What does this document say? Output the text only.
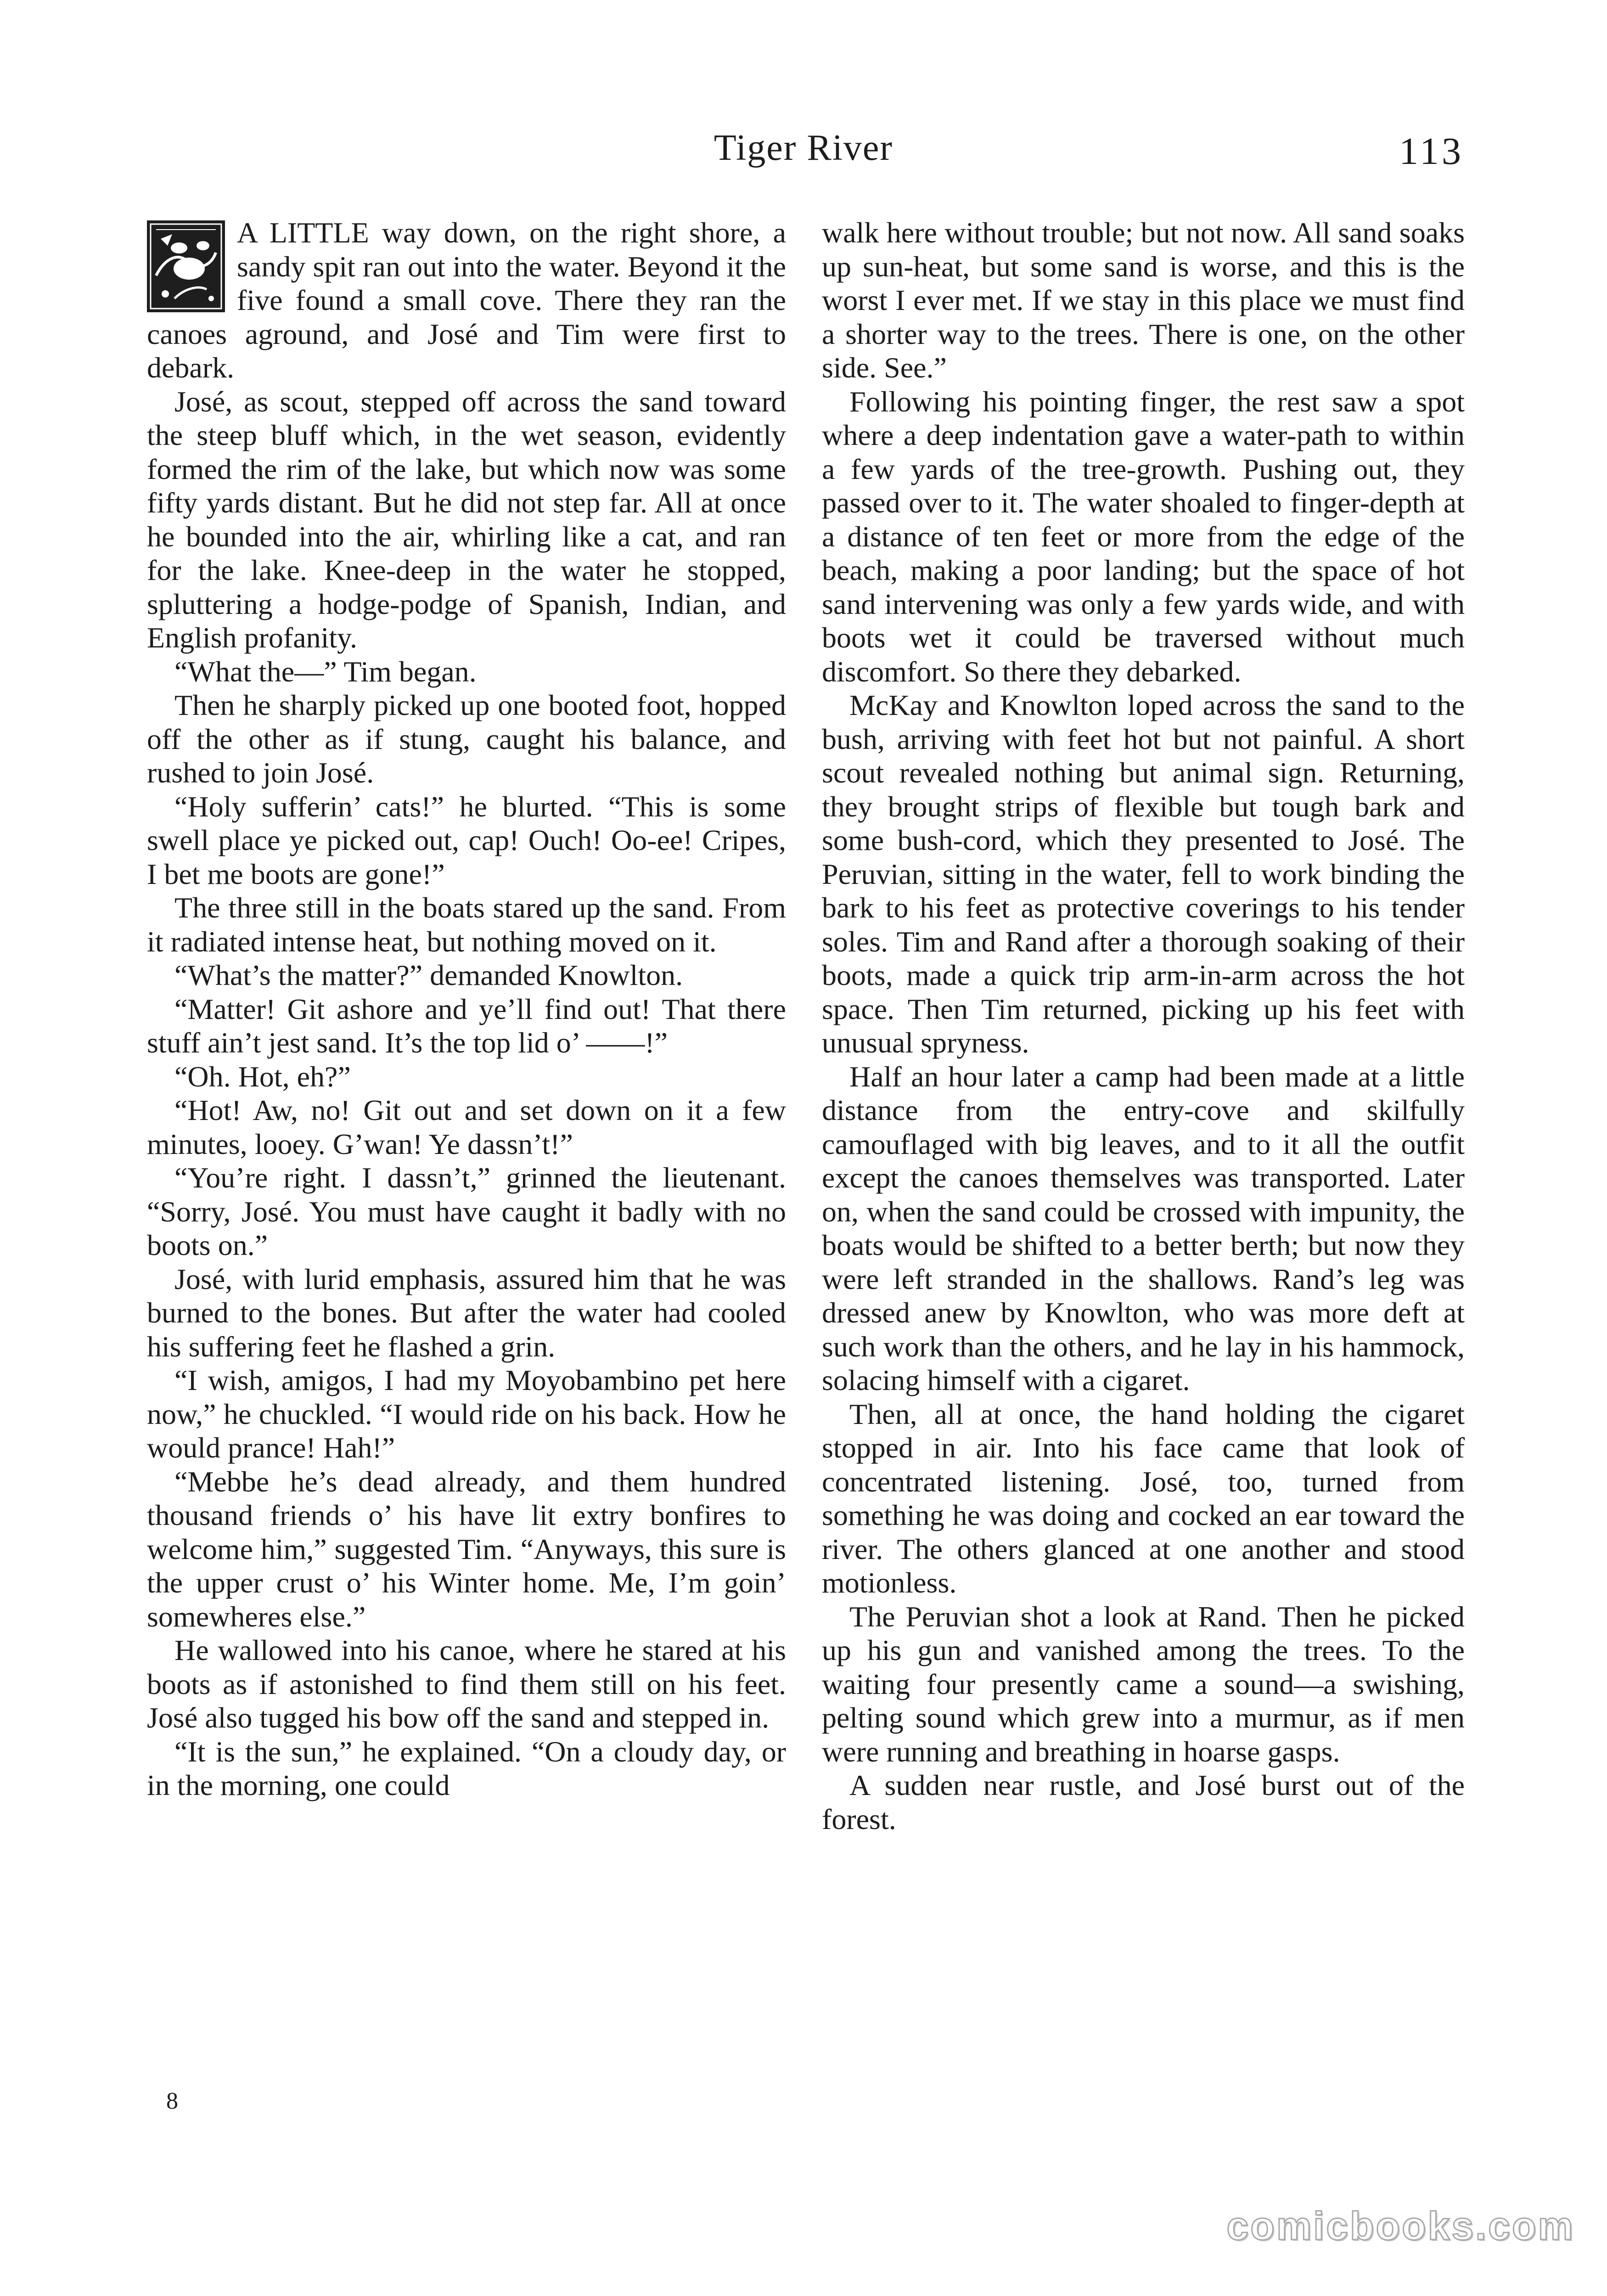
Tiger River	113

A LITTLE way down, on the right shore, a sandy spit ran out into the water. Beyond it the five found a small cove. There they ran the canoes aground, and José and Tim were first to debark.

José, as scout, stepped off across the sand toward the steep bluff which, in the wet season, evidently formed the rim of the lake, but which now was some fifty yards distant. But he did not step far. All at once he bounded into the air, whirling like a cat, and ran for the lake. Knee-deep in the water he stopped, spluttering a hodge-podge of Spanish, Indian, and English profanity.

“What the—” Tim began.

Then he sharply picked up one booted foot, hopped off the other as if stung, caught his balance, and rushed to join José.

“Holy sufferin’ cats!” he blurted. “This is some swell place ye picked out, cap! Ouch! Oo-ee! Cripes, I bet me boots are gone!”

The three still in the boats stared up the sand. From it radiated intense heat, but nothing moved on it.

“What’s the matter?” demanded Knowlton.

“Matter! Git ashore and ye’ll find out! That there stuff ain’t jest sand. It’s the top lid o’ ——!”

“Oh. Hot, eh?”

“Hot! Aw, no! Git out and set down on it a few minutes, looey. G’wan! Ye dassn’t!”

“You’re right. I dassn’t,” grinned the lieutenant. “Sorry, José. You must have caught it badly with no boots on.”

José, with lurid emphasis, assured him that he was burned to the bones. But after the water had cooled his suffering feet he flashed a grin.

“I wish, amigos, I had my Moyobambino pet here now,” he chuckled. “I would ride on his back. How he would prance! Hah!”

“Mebbe he’s dead already, and them hundred thousand friends o’ his have lit extry bonfires to welcome him,” suggested Tim. “Anyways, this sure is the upper crust o’ his Winter home. Me, I’m goin’ somewheres else.”

He wallowed into his canoe, where he stared at his boots as if astonished to find them still on his feet. José also tugged his bow off the sand and stepped in.

“It is the sun,” he explained. “On a cloudy day, or in the morning, one could

walk here without trouble; but not now. All sand soaks up sun-heat, but some sand is worse, and this is the worst I ever met. If we stay in this place we must find a shorter way to the trees. There is one, on the other side. See.”

Following his pointing finger, the rest saw a spot where a deep indentation gave a water-path to within a few yards of the tree-growth. Pushing out, they passed over to it. The water shoaled to finger-depth at a distance of ten feet or more from the edge of the beach, making a poor landing; but the space of hot sand intervening was only a few yards wide, and with boots wet it could be traversed without much discomfort. So there they debarked.

McKay and Knowlton loped across the sand to the bush, arriving with feet hot but not painful. A short scout revealed nothing but animal sign. Returning, they brought strips of flexible but tough bark and some bush-cord, which they presented to José. The Peruvian, sitting in the water, fell to work binding the bark to his feet as protective coverings to his tender soles. Tim and Rand after a thorough soaking of their boots, made a quick trip arm-in-arm across the hot space. Then Tim returned, picking up his feet with unusual spryness.

Half an hour later a camp had been made at a little distance from the entry-cove and skilfully camouflaged with big leaves, and to it all the outfit except the canoes themselves was transported. Later on, when the sand could be crossed with impunity, the boats would be shifted to a better berth; but now they were left stranded in the shallows. Rand’s leg was dressed anew by Knowlton, who was more deft at such work than the others, and he lay in his hammock, solacing himself with a cigaret.

Then, all at once, the hand holding the cigaret stopped in air. Into his face came that look of concentrated listening. José, too, turned from something he was doing and cocked an ear toward the river. The others glanced at one another and stood motionless.

The Peruvian shot a look at Rand. Then he picked up his gun and vanished among the trees. To the waiting four presently came a sound—a swishing, pelting sound which grew into a murmur, as if men were running and breathing in hoarse gasps.

A sudden near rustle, and José burst out of the forest.

8
comicbooks.com
